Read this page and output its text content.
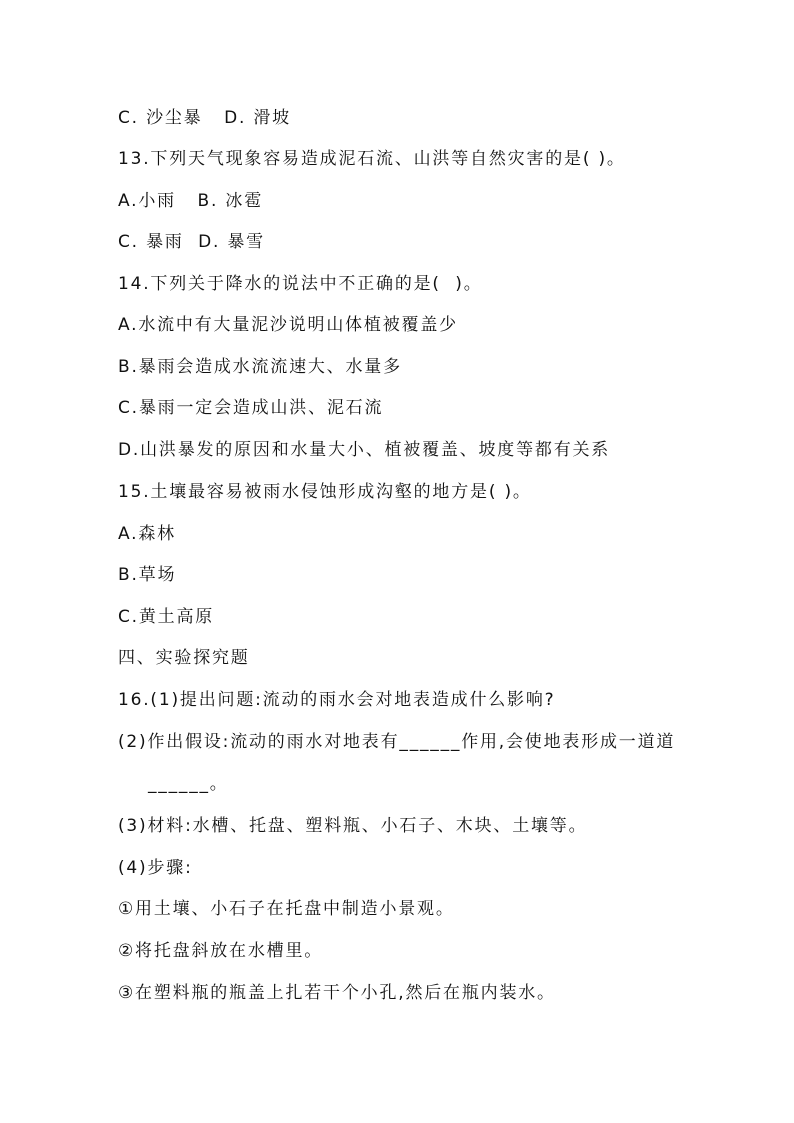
C. 沙尘暴   D. 滑坡
13.下列天气现象容易造成泥石流、山洪等自然灾害的是( )。
A.小雨   B. 冰雹
C. 暴雨  D. 暴雪
14.下列关于降水的说法中不正确的是(  )。
A.水流中有大量泥沙说明山体植被覆盖少
B.暴雨会造成水流流速大、水量多
C.暴雨一定会造成山洪、泥石流
D.山洪暴发的原因和水量大小、植被覆盖、坡度等都有关系
15.土壤最容易被雨水侵蚀形成沟壑的地方是( )。
A.森林
B.草场
C.黄土高原
四、实验探究题
16.(1)提出问题:流动的雨水会对地表造成什么影响?
(2)作出假设:流动的雨水对地表有______作用,会使地表形成一道道
______。
(3)材料:水槽、托盘、塑料瓶、小石子、木块、土壤等。
(4)步骤:
①用土壤、小石子在托盘中制造小景观。
②将托盘斜放在水槽里。
③在塑料瓶的瓶盖上扎若干个小孔,然后在瓶内装水。
